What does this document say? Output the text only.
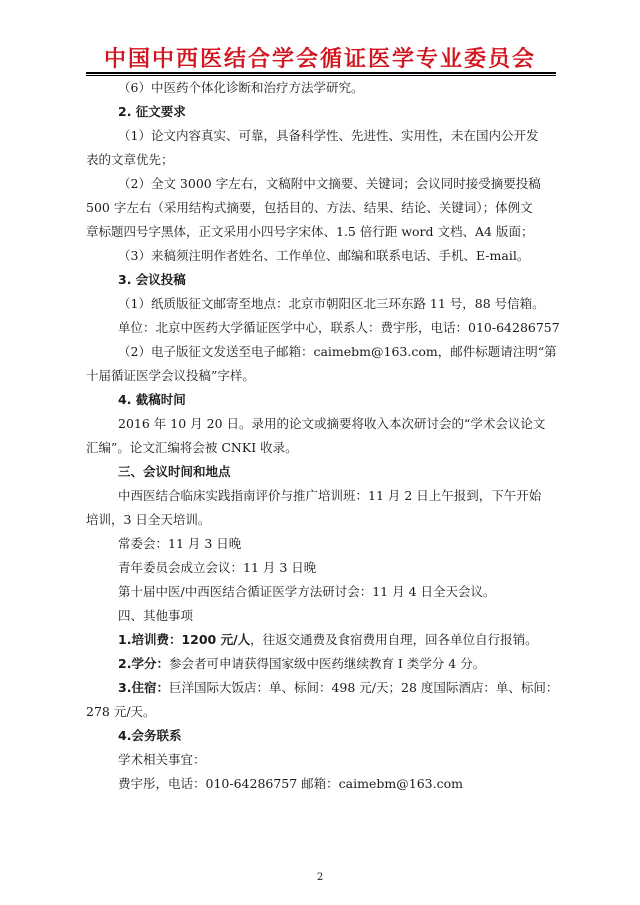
中国中西医结合学会循证医学专业委员会
（6）中医药个体化诊断和治疗方法学研究。
2. 征文要求
（1）论文内容真实、可靠，具备科学性、先进性、实用性，未在国内公开发
表的文章优先；
（2）全文 3000 字左右，文稿附中文摘要、关键词；会议同时接受摘要投稿
500 字左右（采用结构式摘要，包括目的、方法、结果、结论、关键词）；体例文
章标题四号字黑体，正文采用小四号字宋体、1.5 倍行距 word 文档、A4 版面；
（3）来稿须注明作者姓名、工作单位、邮编和联系电话、手机、E-mail。
3. 会议投稿
（1）纸质版征文邮寄至地点：北京市朝阳区北三环东路 11 号，88 号信箱。
单位：北京中医药大学循证医学中心，联系人：费宇彤，电话：010-64286757
（2）电子版征文发送至电子邮箱：caimebm@163.com，邮件标题请注明“第
十届循证医学会议投稿”字样。
4. 截稿时间
2016 年 10 月 20 日。录用的论文或摘要将收入本次研讨会的“学术会议论文
汇编”。论文汇编将会被 CNKI 收录。
三、会议时间和地点
中西医结合临床实践指南评价与推广培训班：11 月 2 日上午报到，下午开始
培训，3 日全天培训。
常委会：11 月 3 日晚
青年委员会成立会议：11 月 3 日晚
第十届中医/中西医结合循证医学方法研讨会：11 月 4 日全天会议。
四、其他事项
1.培训费：1200 元/人，往返交通费及食宿费用自理，回各单位自行报销。
2.学分：参会者可申请获得国家级中医药继续教育 I 类学分 4 分。
3.住宿：巨洋国际大饭店：单、标间：498 元/天；28 度国际酒店：单、标间：
278 元/天。
4.会务联系
学术相关事宜：
费宇彤，电话：010-64286757 邮箱：caimebm@163.com
2
